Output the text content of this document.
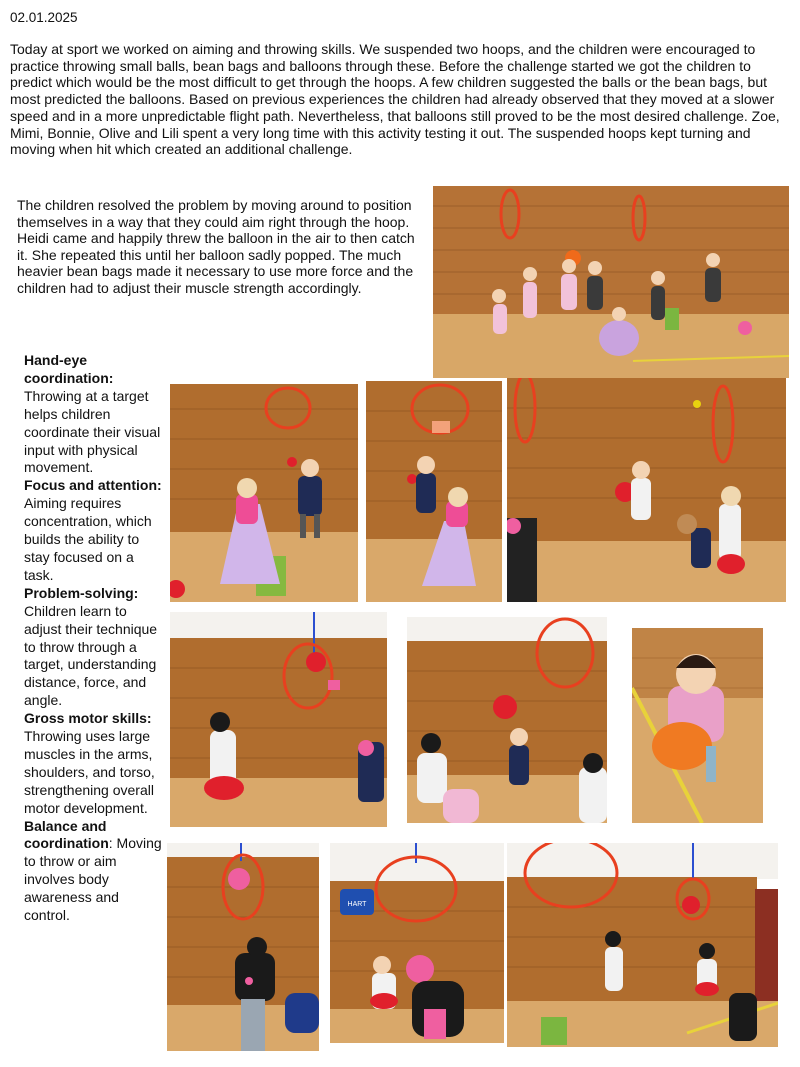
02.01.2025

Today at sport we worked on aiming and throwing skills. We suspended two hoops, and the children were encouraged to practice throwing small balls, bean bags and balloons through these. Before the challenge started we got the children to predict which would be the most difficult to get through the hoops. A few children suggested the balls or the bean bags, but most predicted the balloons. Based on previous experiences the children had already observed that they moved at a slower speed and in a more unpredictable flight path. Nevertheless, that balloons still proved to be the most desired challenge. Zoe, Mimi, Bonnie, Olive and Lili spent a very long time with this activity testing it out. The suspended hoops kept turning and moving when hit which created an additional challenge.

The children resolved the problem by moving around to position themselves in a way that they could aim right through the hoop. Heidi came and happily threw the balloon in the air to then catch it. She repeated this until her balloon sadly popped. The much heavier bean bags made it necessary to use more force and the children had to adjust their muscle strength accordingly.

Hand-eye coordination: Throwing at a target helps children coordinate their visual input with physical movement.
Focus and attention: Aiming requires concentration, which builds the ability to stay focused on a task.
Problem-solving: Children learn to adjust their technique to throw through a target, understanding distance, force, and angle.
Gross motor skills: Throwing uses large muscles in the arms, shoulders, and torso, strengthening overall motor development.
Balance and coordination: Moving to throw or aim involves body awareness and control.
HART
